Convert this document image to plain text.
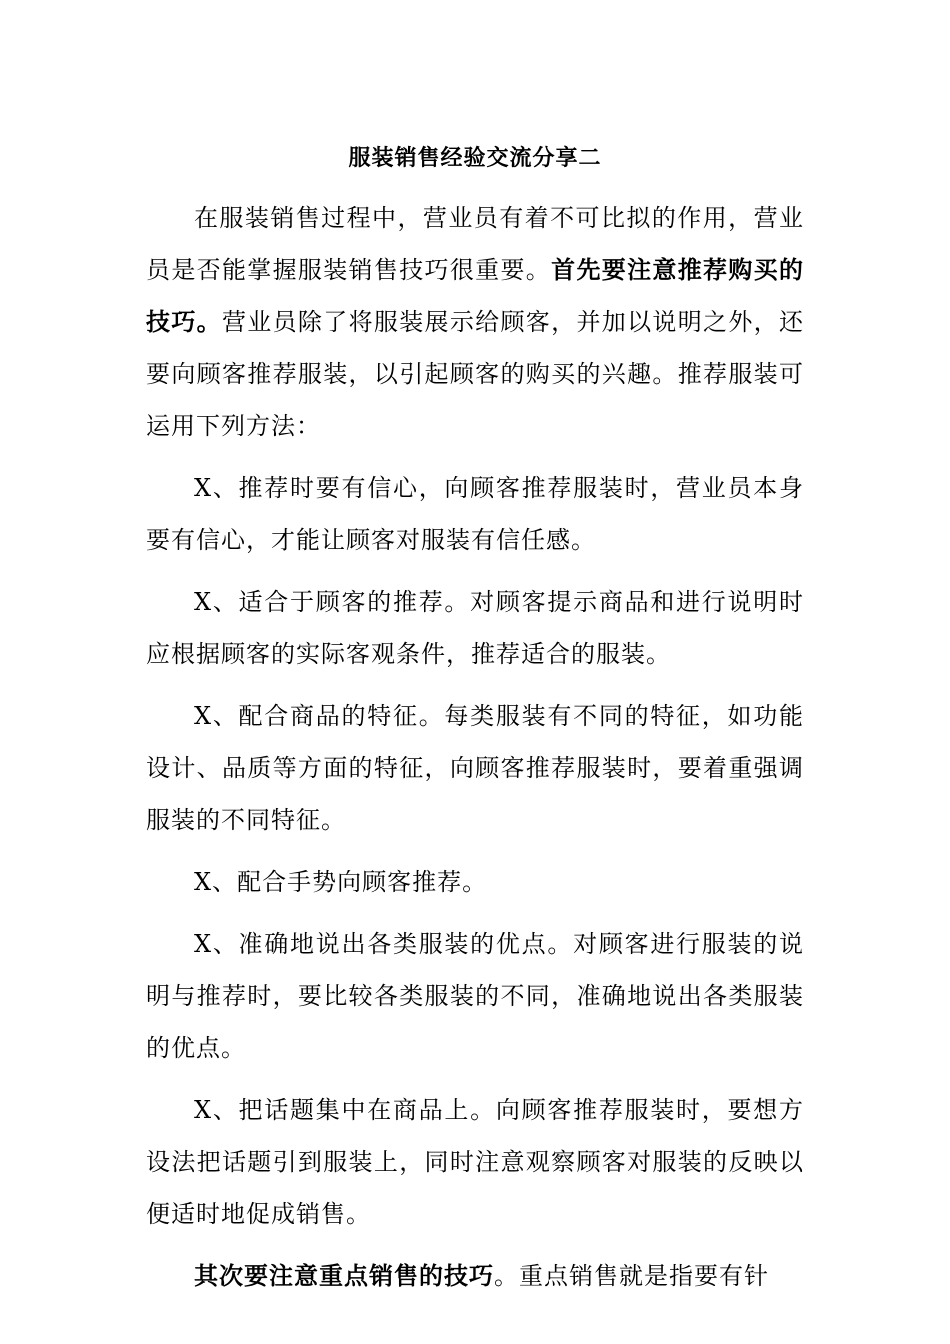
服装销售经验交流分享二

在服装销售过程中，营业员有着不可比拟的作用，营业员是否能掌握服装销售技巧很重要。首先要注意推荐购买的技巧。营业员除了将服装展示给顾客，并加以说明之外，还要向顾客推荐服装，以引起顾客的购买的兴趣。推荐服装可运用下列方法：

X、推荐时要有信心，向顾客推荐服装时，营业员本身要有信心，才能让顾客对服装有信任感。

X、适合于顾客的推荐。对顾客提示商品和进行说明时应根据顾客的实际客观条件，推荐适合的服装。

X、配合商品的特征。每类服装有不同的特征，如功能设计、品质等方面的特征，向顾客推荐服装时，要着重强调服装的不同特征。

X、配合手势向顾客推荐。

X、准确地说出各类服装的优点。对顾客进行服装的说明与推荐时，要比较各类服装的不同，准确地说出各类服装的优点。

X、把话题集中在商品上。向顾客推荐服装时，要想方设法把话题引到服装上，同时注意观察顾客对服装的反映以便适时地促成销售。

其次要注意重点销售的技巧。重点销售就是指要有针
